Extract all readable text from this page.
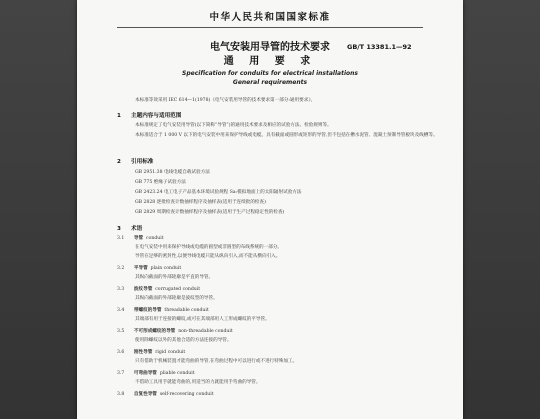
中华人民共和国国家标准
电气安装用导管的技术要求
通 用 要 求
GB/T 13381.1—92
Specification for conduits for electrical installations
General requirements
本标准等效采用 IEC 614—1(1978)《电气安装用导管的技术要求第一部分:通用要求》。
1 主题内容与适用范围
本标准规定了电气安装用导管(以下简称“导管”)的通用技术要求及相应的试验方法、检验规则等。
本标准适合于 1 000 V 以下的电气安装中用来保护导线或电缆、具有截面或圆形或矩形的导管,但不包括在槽水泥管、混凝土预制导管板块及线槽等。
2 引用标准
GB 2951.38 电线电缆自载试验方法
GB 775 绝缘子试验方法
GB 2423.24 电工电子产品基本环境试验规程 Sa:模拟地面上的太阳辐射试验方法
GB 2828 逐批检查计数抽样程序及抽样表(适用于连续批的检查)
GB 2829 周期检查计数抽样程序及抽样表(适用于生产过程稳定性的检查)
3 术语
3.1 导管 conduit
在电气安装中用来保护导线或电缆的圆型或非圆型的布线系统的一部分。
导管在足够的密封性,以便导线电缆只能从纵向引入,而不能从横向引入。
3.2 平导管 plain conduit
其纵向截面的外部轮廓是平直的导管。
3.3 波纹导管 corrugated conduit
其纵向截面的外部轮廓是波纹型的导管。
3.4 带螺纹的导管 threadable conduit
其端部有用于连接的螺纹,或可在其端部用人工形成螺纹的平导管。
3.5 不可形成螺纹的导管 non-threadable conduit
使用除螺纹以外的其他合适的方法连接的导管。
3.6 刚性导管 rigid conduit
只有借助于机械装置才能弯曲的导管,在弯曲过程中可以进行或不进行特殊加工。
3.7 可弯曲导管 pliable conduit
不借助工具用手就能弯曲的,用适当的力就能用手弯曲的导管。
3.8 自复性导管 self-recovering conduit
